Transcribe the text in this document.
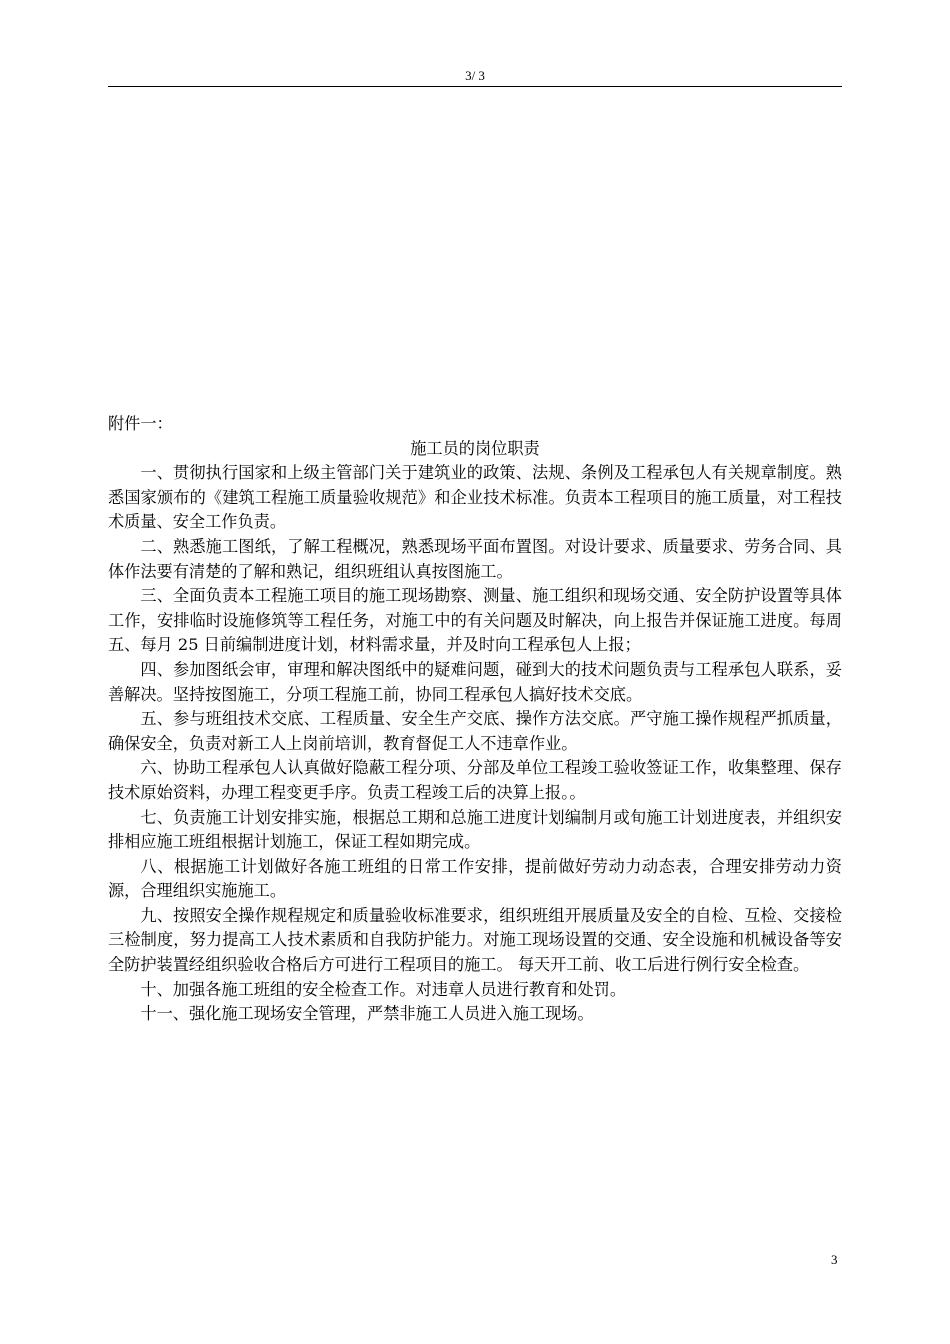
3/ 3

附件一：

施工员的岗位职责

一、贯彻执行国家和上级主管部门关于建筑业的政策、法规、条例及工程承包人有关规章制度。熟悉国家颁布的《建筑工程施工质量验收规范》和企业技术标准。负责本工程项目的施工质量，对工程技术质量、安全工作负责。

二、熟悉施工图纸，了解工程概况，熟悉现场平面布置图。对设计要求、质量要求、劳务合同、具体作法要有清楚的了解和熟记，组织班组认真按图施工。

三、全面负责本工程施工项目的施工现场勘察、测量、施工组织和现场交通、安全防护设置等具体工作，安排临时设施修筑等工程任务，对施工中的有关问题及时解决，向上报告并保证施工进度。每周五、每月 25 日前编制进度计划，材料需求量，并及时向工程承包人上报；

四、参加图纸会审，审理和解决图纸中的疑难问题，碰到大的技术问题负责与工程承包人联系，妥善解决。坚持按图施工，分项工程施工前，协同工程承包人搞好技术交底。

五、参与班组技术交底、工程质量、安全生产交底、操作方法交底。严守施工操作规程严抓质量，确保安全，负责对新工人上岗前培训，教育督促工人不违章作业。

六、协助工程承包人认真做好隐蔽工程分项、分部及单位工程竣工验收签证工作，收集整理、保存技术原始资料，办理工程变更手序。负责工程竣工后的决算上报。。

七、负责施工计划安排实施，根据总工期和总施工进度计划编制月或旬施工计划进度表，并组织安排相应施工班组根据计划施工，保证工程如期完成。

八、根据施工计划做好各施工班组的日常工作安排，提前做好劳动力动态表，合理安排劳动力资源，合理组织实施施工。

九、按照安全操作规程规定和质量验收标准要求，组织班组开展质量及安全的自检、互检、交接检三检制度，努力提高工人技术素质和自我防护能力。对施工现场设置的交通、安全设施和机械设备等安全防护装置经组织验收合格后方可进行工程项目的施工。 每天开工前、收工后进行例行安全检查。

十、加强各施工班组的安全检查工作。对违章人员进行教育和处罚。

十一、强化施工现场安全管理，严禁非施工人员进入施工现场。

3
